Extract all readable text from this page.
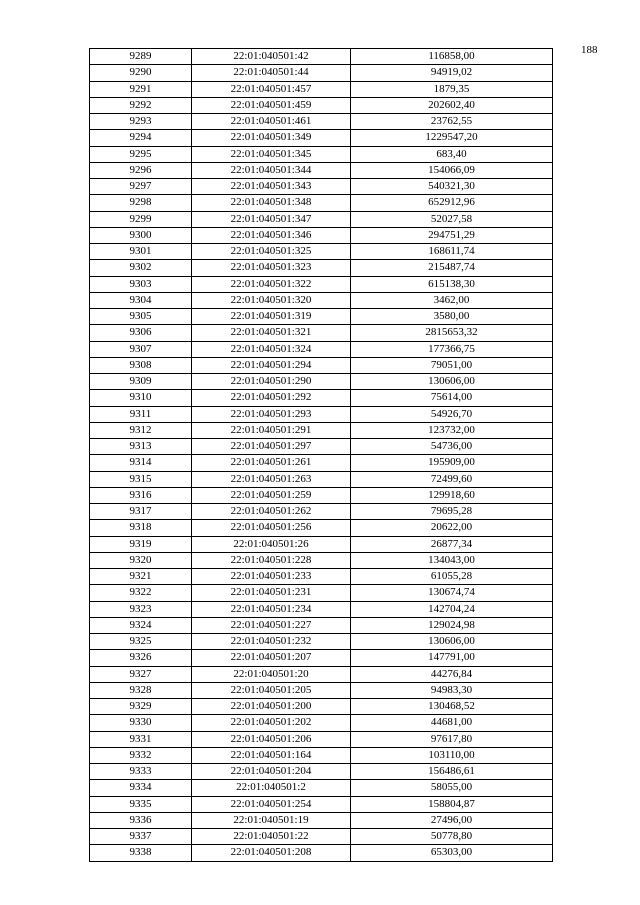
188
9289	22:01:040501:42	116858,00
9290	22:01:040501:44	94919,02
9291	22:01:040501:457	1879,35
9292	22:01:040501:459	202602,40
9293	22:01:040501:461	23762,55
9294	22:01:040501:349	1229547,20
9295	22:01:040501:345	683,40
9296	22:01:040501:344	154066,09
9297	22:01:040501:343	540321,30
9298	22:01:040501:348	652912,96
9299	22:01:040501:347	52027,58
9300	22:01:040501:346	294751,29
9301	22:01:040501:325	168611,74
9302	22:01:040501:323	215487,74
9303	22:01:040501:322	615138,30
9304	22:01:040501:320	3462,00
9305	22:01:040501:319	3580,00
9306	22:01:040501:321	2815653,32
9307	22:01:040501:324	177366,75
9308	22:01:040501:294	79051,00
9309	22:01:040501:290	130606,00
9310	22:01:040501:292	75614,00
9311	22:01:040501:293	54926,70
9312	22:01:040501:291	123732,00
9313	22:01:040501:297	54736,00
9314	22:01:040501:261	195909,00
9315	22:01:040501:263	72499,60
9316	22:01:040501:259	129918,60
9317	22:01:040501:262	79695,28
9318	22:01:040501:256	20622,00
9319	22:01:040501:26	26877,34
9320	22:01:040501:228	134043,00
9321	22:01:040501:233	61055,28
9322	22:01:040501:231	130674,74
9323	22:01:040501:234	142704,24
9324	22:01:040501:227	129024,98
9325	22:01:040501:232	130606,00
9326	22:01:040501:207	147791,00
9327	22:01:040501:20	44276,84
9328	22:01:040501:205	94983,30
9329	22:01:040501:200	130468,52
9330	22:01:040501:202	44681,00
9331	22:01:040501:206	97617,80
9332	22:01:040501:164	103110,00
9333	22:01:040501:204	156486,61
9334	22:01:040501:2	58055,00
9335	22:01:040501:254	158804,87
9336	22:01:040501:19	27496,00
9337	22:01:040501:22	50778,80
9338	22:01:040501:208	65303,00
